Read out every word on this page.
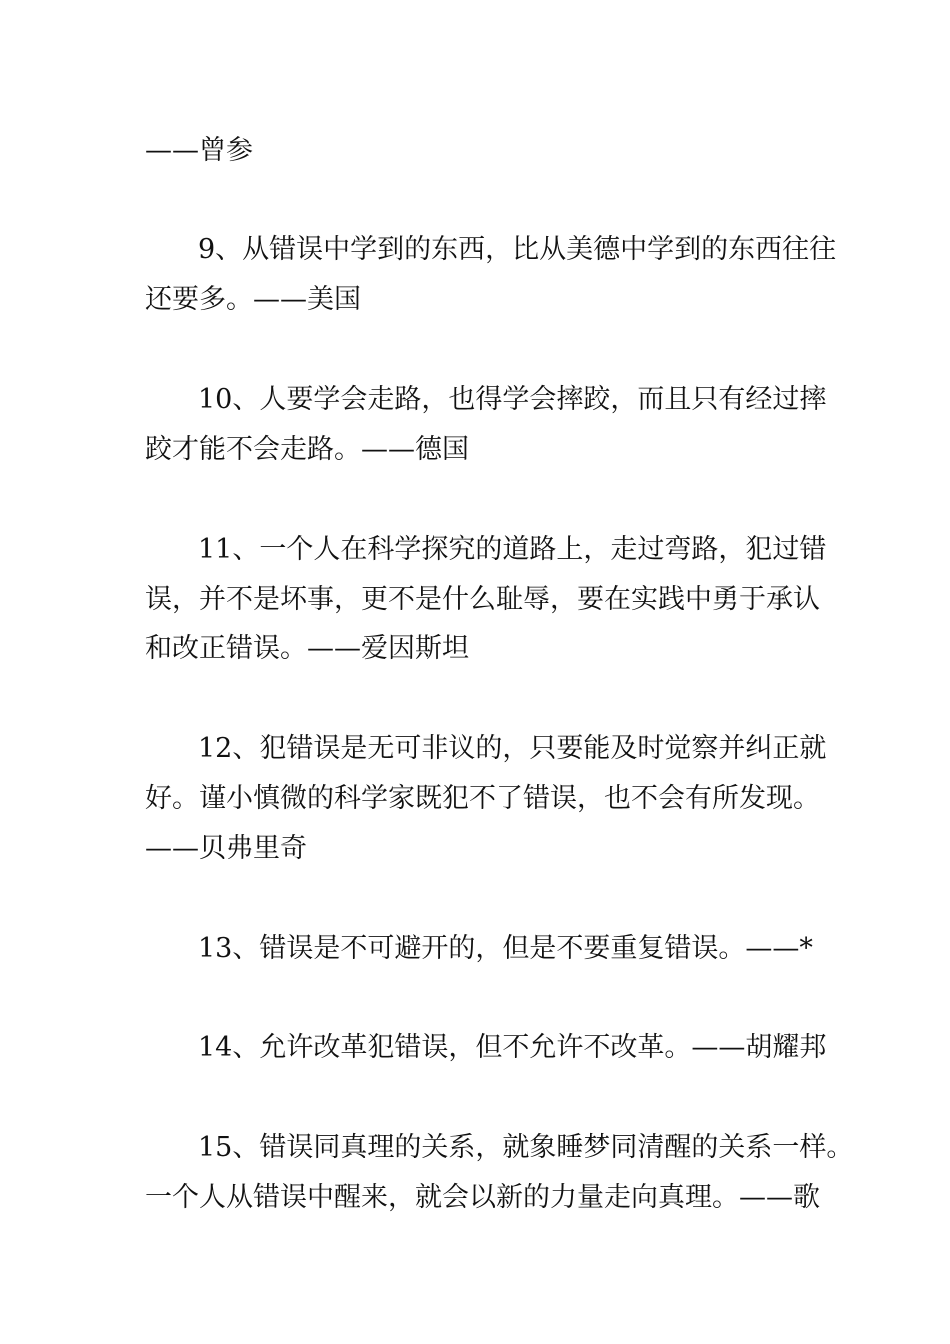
——曾参
9、从错误中学到的东西，比从美德中学到的东西往往
还要多。——美国
10、人要学会走路，也得学会摔跤，而且只有经过摔
跤才能不会走路。——德国
11、一个人在科学探究的道路上，走过弯路，犯过错
误，并不是坏事，更不是什么耻辱，要在实践中勇于承认
和改正错误。——爱因斯坦
12、犯错误是无可非议的，只要能及时觉察并纠正就
好。谨小慎微的科学家既犯不了错误，也不会有所发现。
——贝弗里奇
13、错误是不可避开的，但是不要重复错误。——*
14、允许改革犯错误，但不允许不改革。——胡耀邦
15、错误同真理的关系，就象睡梦同清醒的关系一样。
一个人从错误中醒来，就会以新的力量走向真理。——歌
